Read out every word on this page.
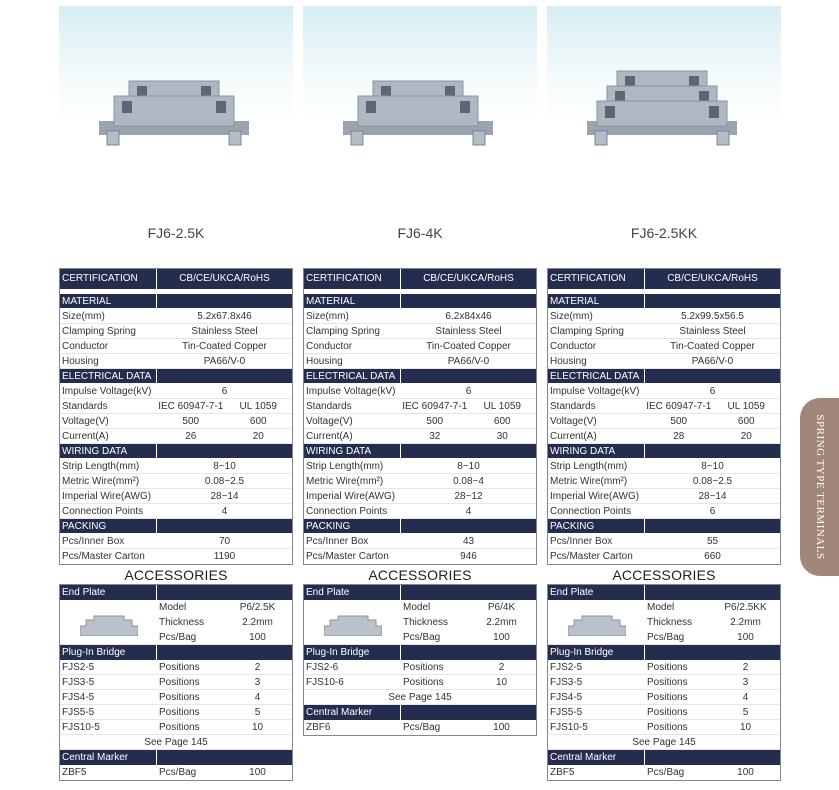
FJ6-2.5K
CERTIFICATION	CB/CE/UKCA/RoHS
MATERIAL
Size(mm)	5.2x67.8x46
Clamping Spring	Stainless Steel
Conductor	Tin-Coated Copper
Housing	PA66/V-0
ELECTRICAL DATA
Impulse Voltage(kV)	6
Standards	IEC 60947-7-1	UL 1059
Voltage(V)	500	600
Current(A)	26	20
WIRING DATA
Strip Length(mm)	8~10
Metric Wire(mm²)	0.08~2.5
Imperial Wire(AWG)	28~14
Connection Points	4
PACKING
Pcs/Inner Box	70
Pcs/Master Carton	1190
ACCESSORIES
End Plate
Model	P6/2.5K
Thickness	2.2mm
Pcs/Bag	100
Plug-In Bridge
FJS2-5	Positions	2
FJS3-5	Positions	3
FJS4-5	Positions	4
FJS5-5	Positions	5
FJS10-5	Positions	10
See Page 145
Central Marker
ZBF5	Pcs/Bag	100
FJ6-4K
CERTIFICATION	CB/CE/UKCA/RoHS
MATERIAL
Size(mm)	6.2x84x46
Clamping Spring	Stainless Steel
Conductor	Tin-Coated Copper
Housing	PA66/V-0
ELECTRICAL DATA
Impulse Voltage(kV)	6
Standards	IEC 60947-7-1	UL 1059
Voltage(V)	500	600
Current(A)	32	30
WIRING DATA
Strip Length(mm)	8~10
Metric Wire(mm²)	0.08~4
Imperial Wire(AWG)	28~12
Connection Points	4
PACKING
Pcs/Inner Box	43
Pcs/Master Carton	946
ACCESSORIES
End Plate
Model	P6/4K
Thickness	2.2mm
Pcs/Bag	100
Plug-In Bridge
FJS2-6	Positions	2
FJS10-6	Positions	10
See Page 145
Central Marker
ZBF6	Pcs/Bag	100
FJ6-2.5KK
CERTIFICATION	CB/CE/UKCA/RoHS
MATERIAL
Size(mm)	5.2x99.5x56.5
Clamping Spring	Stainless Steel
Conductor	Tin-Coated Copper
Housing	PA66/V-0
ELECTRICAL DATA
Impulse Voltage(kV)	6
Standards	IEC 60947-7-1	UL 1059
Voltage(V)	500	600
Current(A)	28	20
WIRING DATA
Strip Length(mm)	8~10
Metric Wire(mm²)	0.08~2.5
Imperial Wire(AWG)	28~14
Connection Points	6
PACKING
Pcs/Inner Box	55
Pcs/Master Carton	660
ACCESSORIES
End Plate
Model	P6/2.5KK
Thickness	2.2mm
Pcs/Bag	100
Plug-In Bridge
FJS2-5	Positions	2
FJS3-5	Positions	3
FJS4-5	Positions	4
FJS5-5	Positions	5
FJS10-5	Positions	10
See Page 145
Central Marker
ZBF5	Pcs/Bag	100
SPRING TYPE TERMINALS
